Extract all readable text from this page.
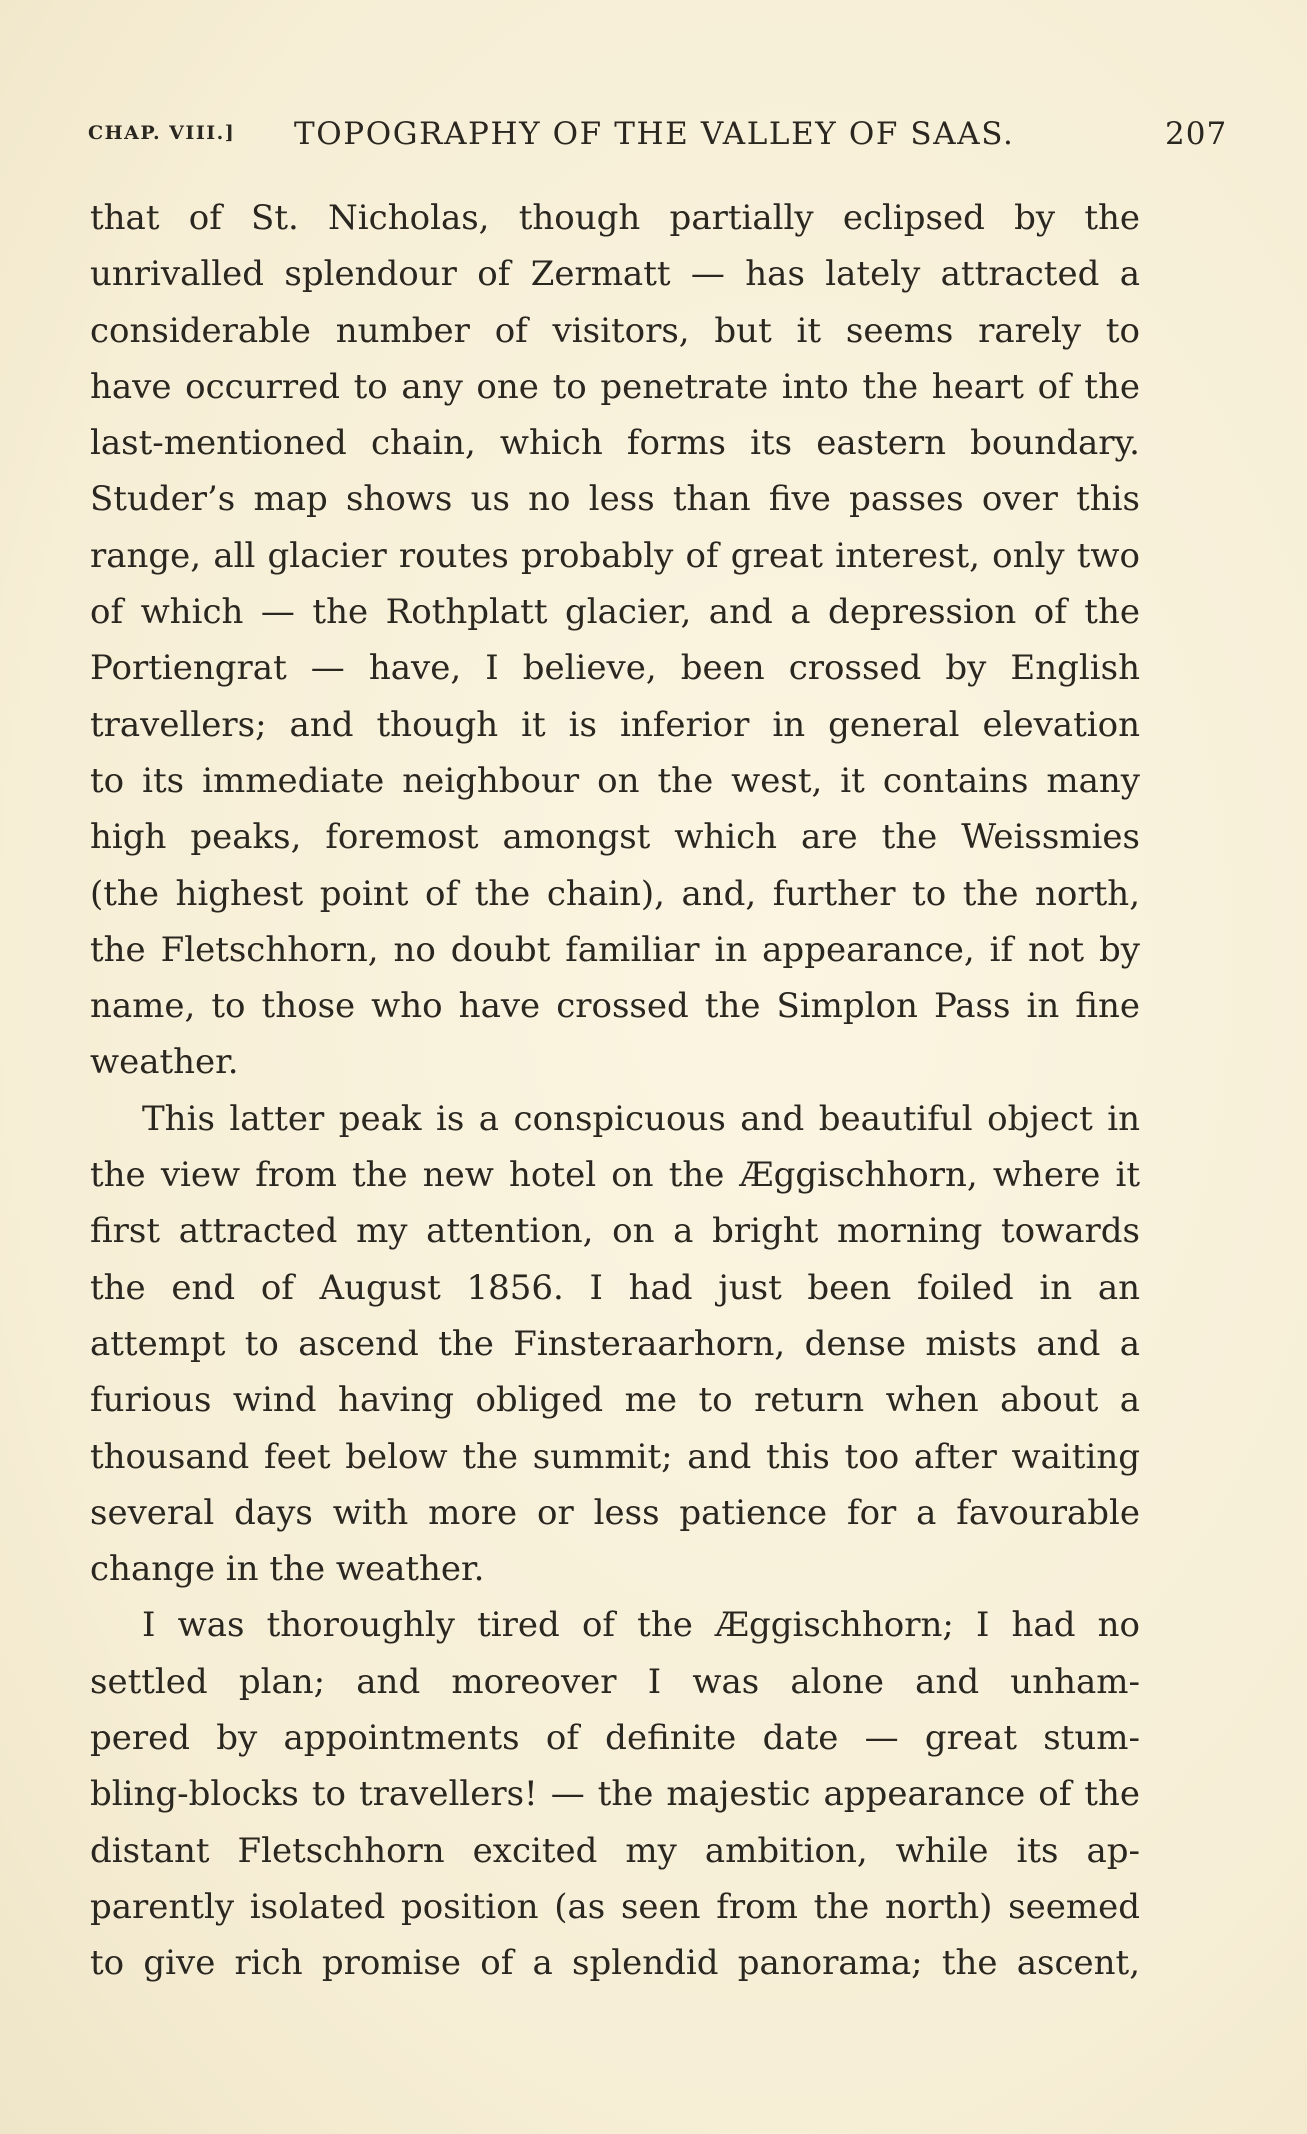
CHAP. VIII.] TOPOGRAPHY OF THE VALLEY OF SAAS.	207
that of St. Nicholas, though partially eclipsed by the
unrivalled splendour of Zermatt — has lately attracted a
considerable number of visitors, but it seems rarely to
have occurred to any one to penetrate into the heart of the
last-mentioned chain, which forms its eastern boundary.
Studer’s map shows us no less than five passes over this
range, all glacier routes probably of great interest, only two
of which — the Rothplatt glacier, and a depression of the
Portiengrat — have, I believe, been crossed by English
travellers; and though it is inferior in general elevation
to its immediate neighbour on the west, it contains many
high peaks, foremost amongst which are the Weissmies
(the highest point of the chain), and, further to the north,
the Fletschhorn, no doubt familiar in appearance, if not by
name, to those who have crossed the Simplon Pass in fine
weather.
This latter peak is a conspicuous and beautiful object in
the view from the new hotel on the Æggischhorn, where it
first attracted my attention, on a bright morning towards
the end of August 1856. I had just been foiled in an
attempt to ascend the Finsteraarhorn, dense mists and a
furious wind having obliged me to return when about a
thousand feet below the summit; and this too after waiting
several days with more or less patience for a favourable
change in the weather.
I was thoroughly tired of the Æggischhorn; I had no
settled plan; and moreover I was alone and unham-
pered by appointments of definite date — great stum-
bling-blocks to travellers! — the majestic appearance of the
distant Fletschhorn excited my ambition, while its ap-
parently isolated position (as seen from the north) seemed
to give rich promise of a splendid panorama; the ascent,
